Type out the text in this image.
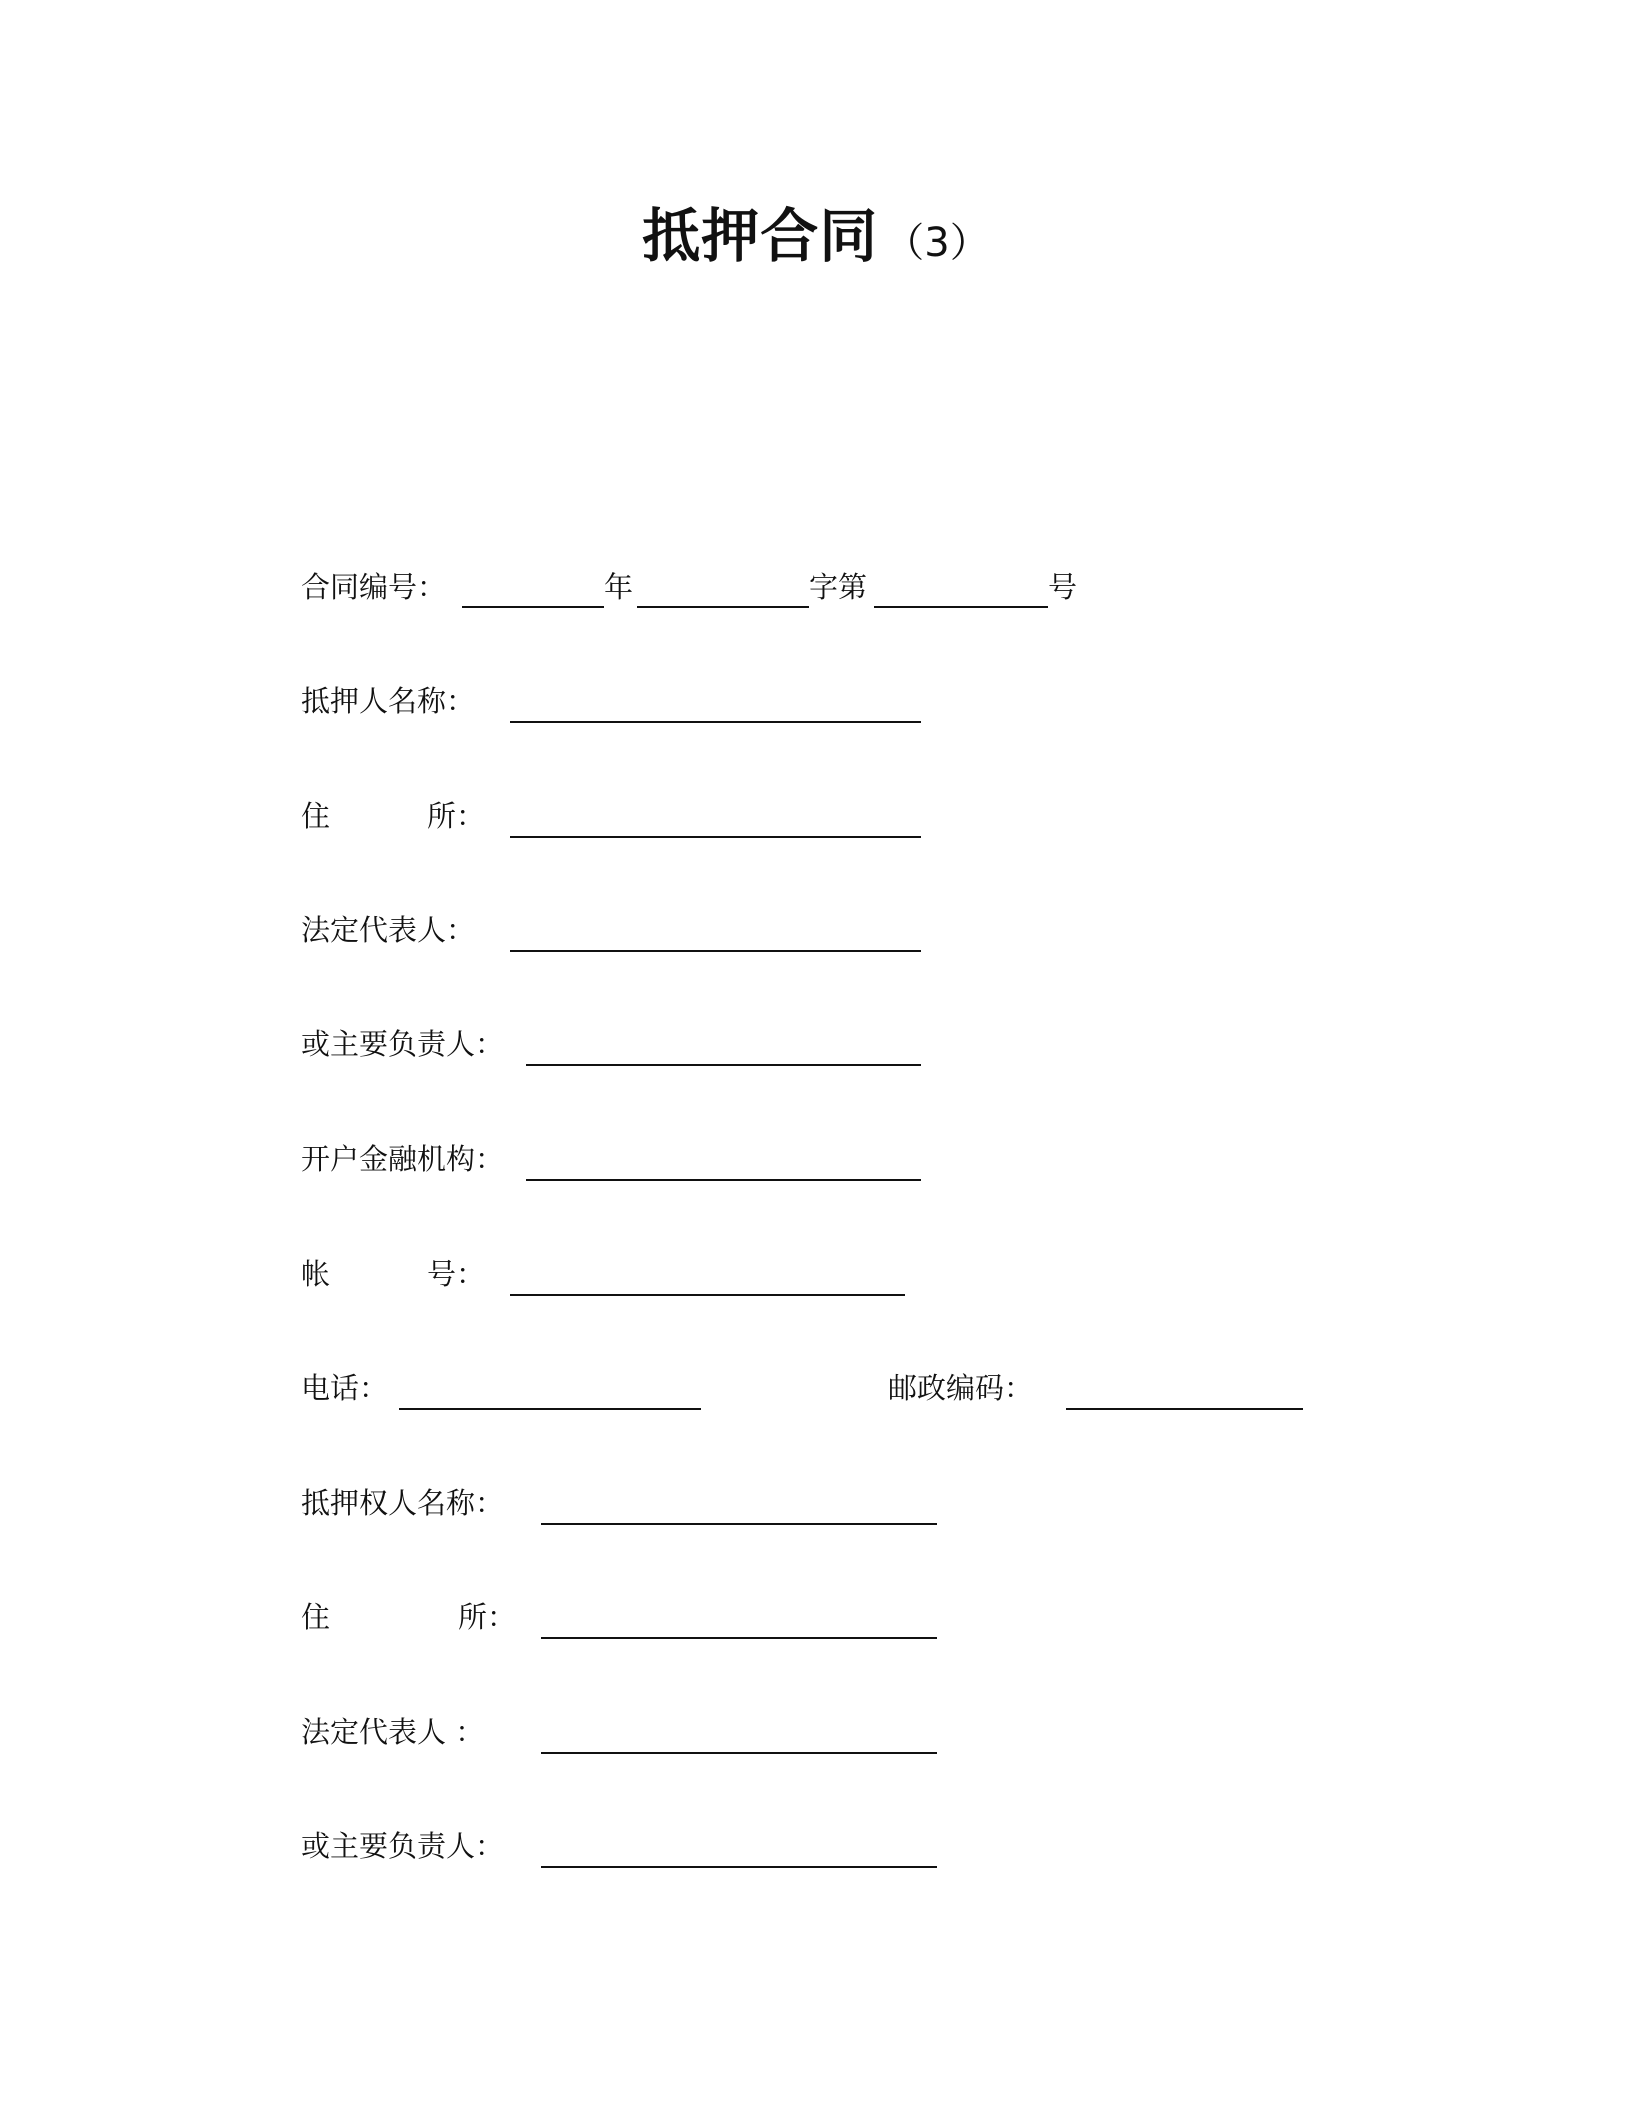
抵押合同 （3）
合同编号：	年	字第	号
抵押人名称：
住	所：
法定代表人：
或主要负责人：
开户金融机构：
帐	号：
电话：	邮政编码：
抵押权人名称：
住	所：
法定代表人 ：
或主要负责人：
